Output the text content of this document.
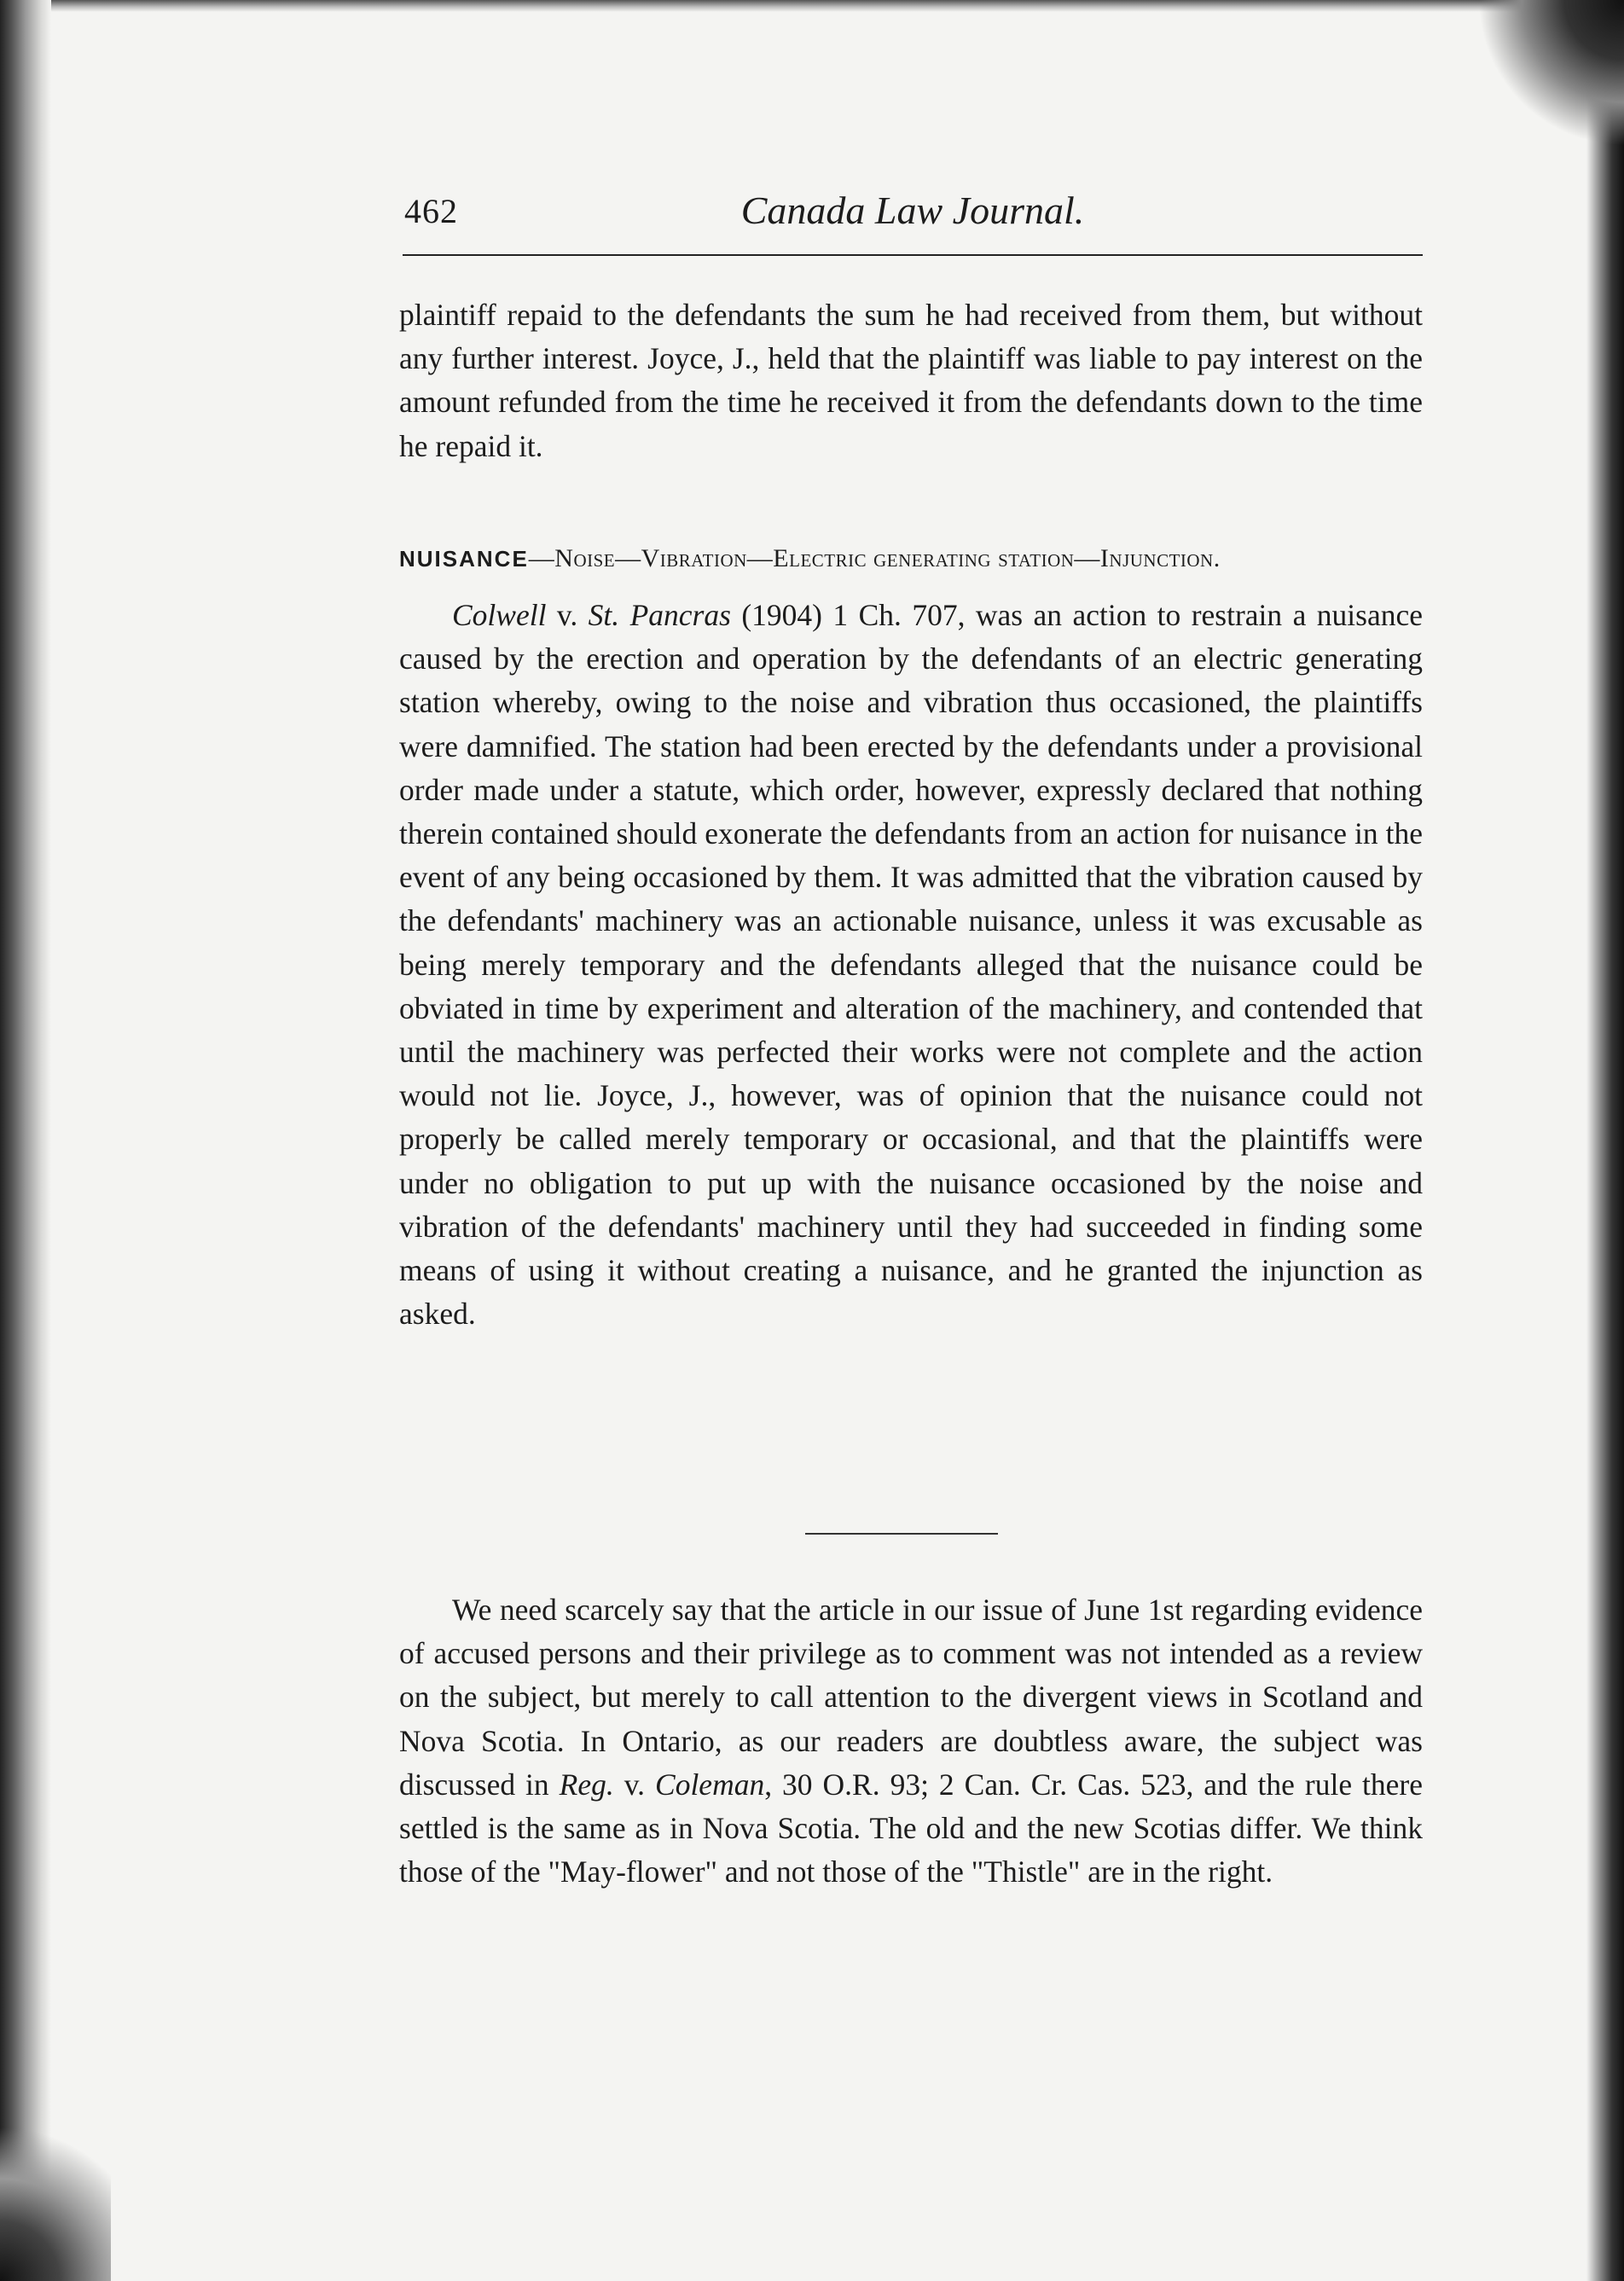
462	Canada Law Journal.

plaintiff repaid to the defendants the sum he had received from them, but without any further interest. Joyce, J., held that the plaintiff was liable to pay interest on the amount refunded from the time he received it from the defendants down to the time he repaid it.

NUISANCE—Noise—Vibration—Electric generating station—Injunction.

Colwell v. St. Pancras (1904) 1 Ch. 707, was an action to restrain a nuisance caused by the erection and operation by the defendants of an electric generating station whereby, owing to the noise and vibration thus occasioned, the plaintiffs were damnified. The station had been erected by the defendants under a provisional order made under a statute, which order, however, expressly declared that nothing therein contained should exonerate the defendants from an action for nuisance in the event of any being occasioned by them. It was admitted that the vibration caused by the defendants' machinery was an actionable nuisance, unless it was excusable as being merely temporary and the defendants alleged that the nuisance could be obviated in time by experiment and alteration of the machinery, and contended that until the machinery was perfected their works were not complete and the action would not lie. Joyce, J., however, was of opinion that the nuisance could not properly be called merely temporary or occasional, and that the plaintiffs were under no obligation to put up with the nuisance occasioned by the noise and vibration of the defendants' machinery until they had succeeded in finding some means of using it without creating a nuisance, and he granted the injunction as asked.

We need scarcely say that the article in our issue of June 1st regarding evidence of accused persons and their privilege as to comment was not intended as a review on the subject, but merely to call attention to the divergent views in Scotland and Nova Scotia. In Ontario, as our readers are doubtless aware, the subject was discussed in Reg. v. Coleman, 30 O.R. 93; 2 Can. Cr. Cas. 523, and the rule there settled is the same as in Nova Scotia. The old and the new Scotias differ. We think those of the "May-flower" and not those of the "Thistle" are in the right.
